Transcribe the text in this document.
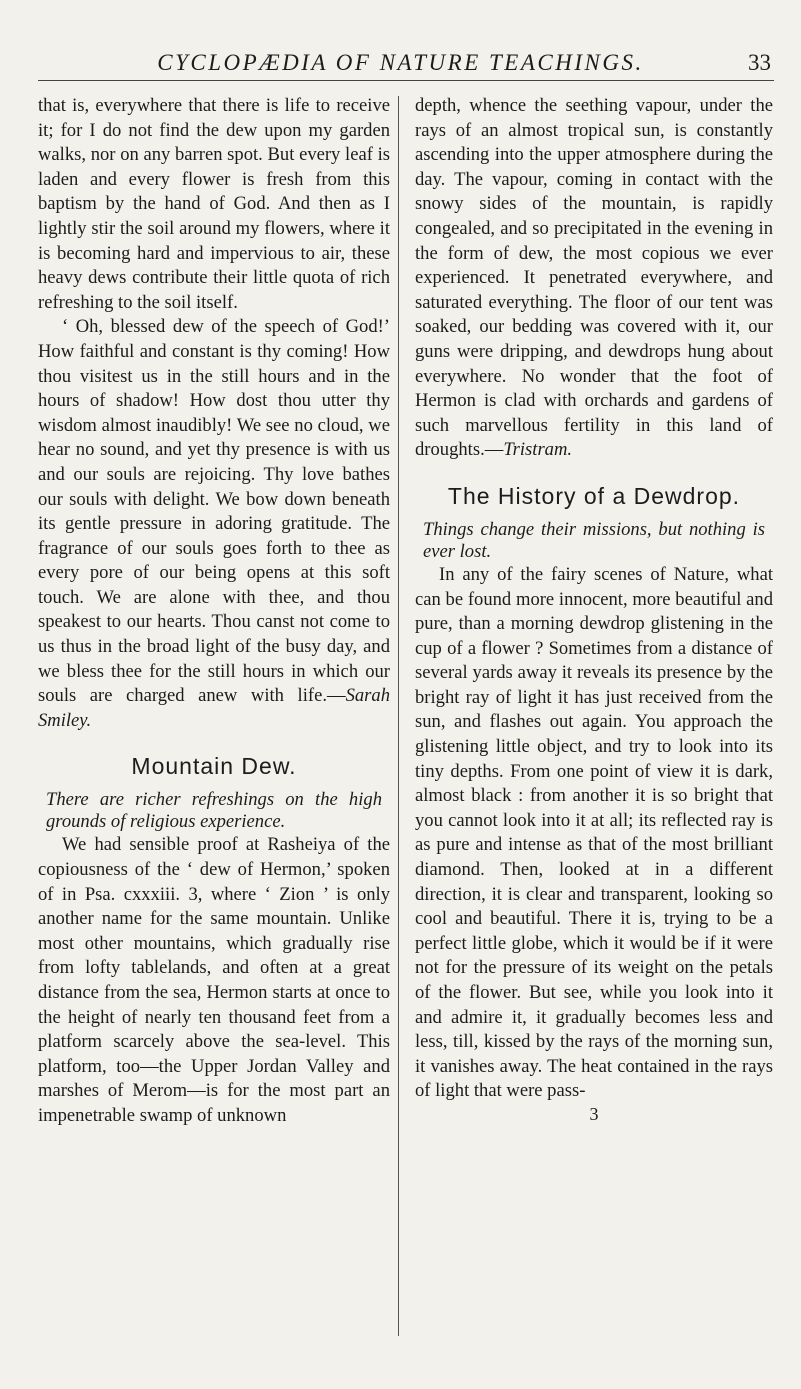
CYCLOPÆDIA OF NATURE TEACHINGS.	33

that is, everywhere that there is life to receive it; for I do not find the dew upon my garden walks, nor on any barren spot. But every leaf is laden and every flower is fresh from this baptism by the hand of God. And then as I lightly stir the soil around my flowers, where it is becoming hard and impervious to air, these heavy dews contribute their little quota of rich refreshing to the soil itself.

‘ Oh, blessed dew of the speech of God!’ How faithful and constant is thy coming! How thou visitest us in the still hours and in the hours of shadow! How dost thou utter thy wisdom almost inaudibly! We see no cloud, we hear no sound, and yet thy presence is with us and our souls are rejoicing. Thy love bathes our souls with delight. We bow down beneath its gentle pressure in adoring gratitude. The fragrance of our souls goes forth to thee as every pore of our being opens at this soft touch. We are alone with thee, and thou speakest to our hearts. Thou canst not come to us thus in the broad light of the busy day, and we bless thee for the still hours in which our souls are charged anew with life.—Sarah Smiley.

Mountain Dew.

There are richer refreshings on the high grounds of religious experience.

We had sensible proof at Rasheiya of the copiousness of the ‘ dew of Hermon,’ spoken of in Psa. cxxxiii. 3, where ‘ Zion ’ is only another name for the same mountain. Unlike most other mountains, which gradually rise from lofty tablelands, and often at a great distance from the sea, Hermon starts at once to the height of nearly ten thousand feet from a platform scarcely above the sea-level. This platform, too—the Upper Jordan Valley and marshes of Merom—is for the most part an impenetrable swamp of unknown

depth, whence the seething vapour, under the rays of an almost tropical sun, is constantly ascending into the upper atmosphere during the day. The vapour, coming in contact with the snowy sides of the mountain, is rapidly congealed, and so precipitated in the evening in the form of dew, the most copious we ever experienced. It penetrated everywhere, and saturated everything. The floor of our tent was soaked, our bedding was covered with it, our guns were dripping, and dewdrops hung about everywhere. No wonder that the foot of Hermon is clad with orchards and gardens of such marvellous fertility in this land of droughts.—Tristram.

The History of a Dewdrop.

Things change their missions, but nothing is ever lost.

In any of the fairy scenes of Nature, what can be found more innocent, more beautiful and pure, than a morning dewdrop glistening in the cup of a flower ? Sometimes from a distance of several yards away it reveals its presence by the bright ray of light it has just received from the sun, and flashes out again. You approach the glistening little object, and try to look into its tiny depths. From one point of view it is dark, almost black : from another it is so bright that you cannot look into it at all; its reflected ray is as pure and intense as that of the most brilliant diamond. Then, looked at in a different direction, it is clear and transparent, looking so cool and beautiful. There it is, trying to be a perfect little globe, which it would be if it were not for the pressure of its weight on the petals of the flower. But see, while you look into it and admire it, it gradually becomes less and less, till, kissed by the rays of the morning sun, it vanishes away. The heat contained in the rays of light that were pass-

3
